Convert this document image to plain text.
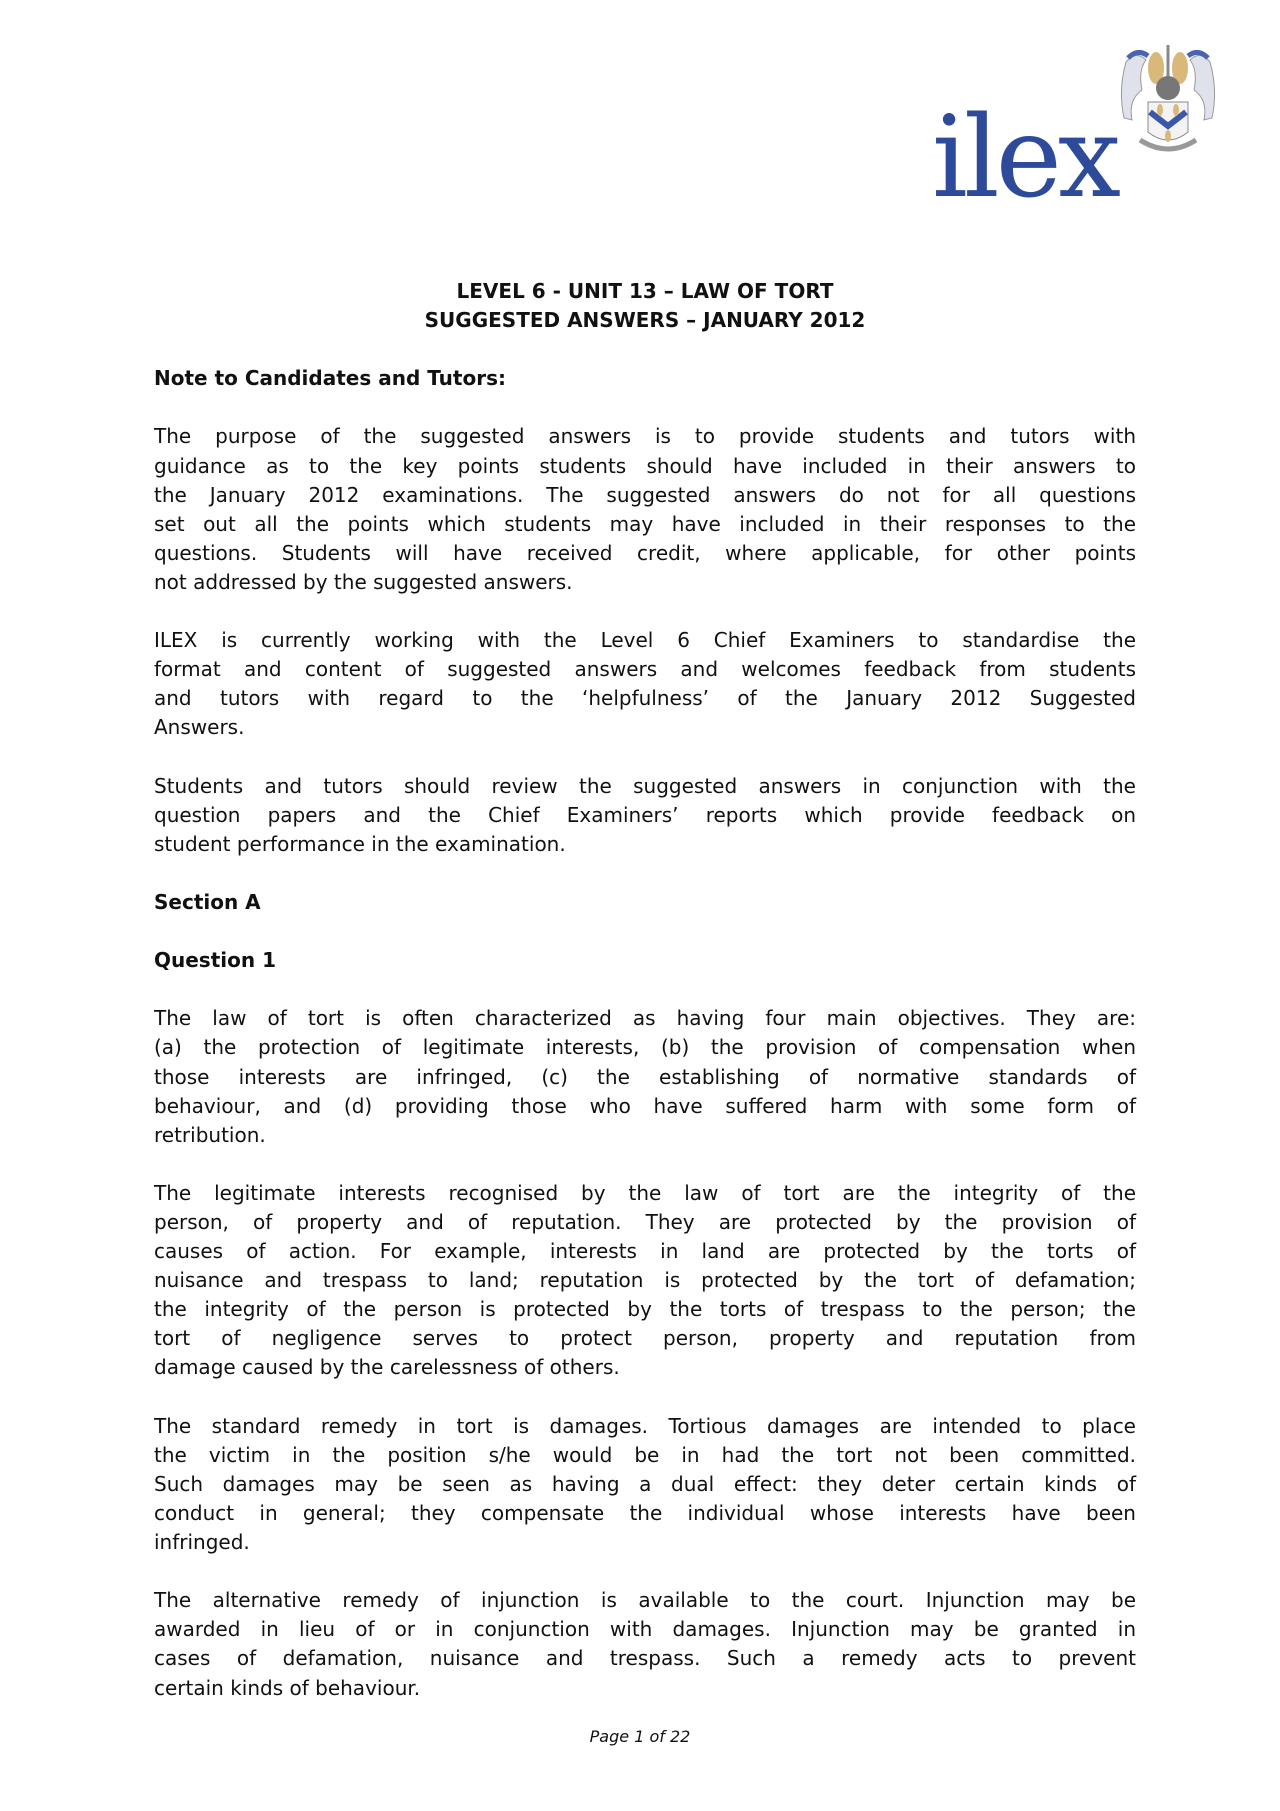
ilex
LEVEL 6 - UNIT 13 – LAW OF TORT
SUGGESTED ANSWERS – JANUARY 2012
Note to Candidates and Tutors:
The purpose of the suggested answers is to provide students and tutors with
guidance as to the key points students should have included in their answers to
the January 2012 examinations. The suggested answers do not for all questions
set out all the points which students may have included in their responses to the
questions. Students will have received credit, where applicable, for other points
not addressed by the suggested answers.
ILEX is currently working with the Level 6 Chief Examiners to standardise the
format and content of suggested answers and welcomes feedback from students
and tutors with regard to the ‘helpfulness’ of the January 2012 Suggested
Answers.
Students and tutors should review the suggested answers in conjunction with the
question papers and the Chief Examiners’ reports which provide feedback on
student performance in the examination.
Section A
Question 1
The law of tort is often characterized as having four main objectives. They are:
(a) the protection of legitimate interests, (b) the provision of compensation when
those interests are infringed, (c) the establishing of normative standards of
behaviour, and (d) providing those who have suffered harm with some form of
retribution.
The legitimate interests recognised by the law of tort are the integrity of the
person, of property and of reputation. They are protected by the provision of
causes of action. For example, interests in land are protected by the torts of
nuisance and trespass to land; reputation is protected by the tort of defamation;
the integrity of the person is protected by the torts of trespass to the person; the
tort of negligence serves to protect person, property and reputation from
damage caused by the carelessness of others.
The standard remedy in tort is damages. Tortious damages are intended to place
the victim in the position s/he would be in had the tort not been committed.
Such damages may be seen as having a dual effect: they deter certain kinds of
conduct in general; they compensate the individual whose interests have been
infringed.
The alternative remedy of injunction is available to the court. Injunction may be
awarded in lieu of or in conjunction with damages. Injunction may be granted in
cases of defamation, nuisance and trespass. Such a remedy acts to prevent
certain kinds of behaviour.
Page 1 of 22
